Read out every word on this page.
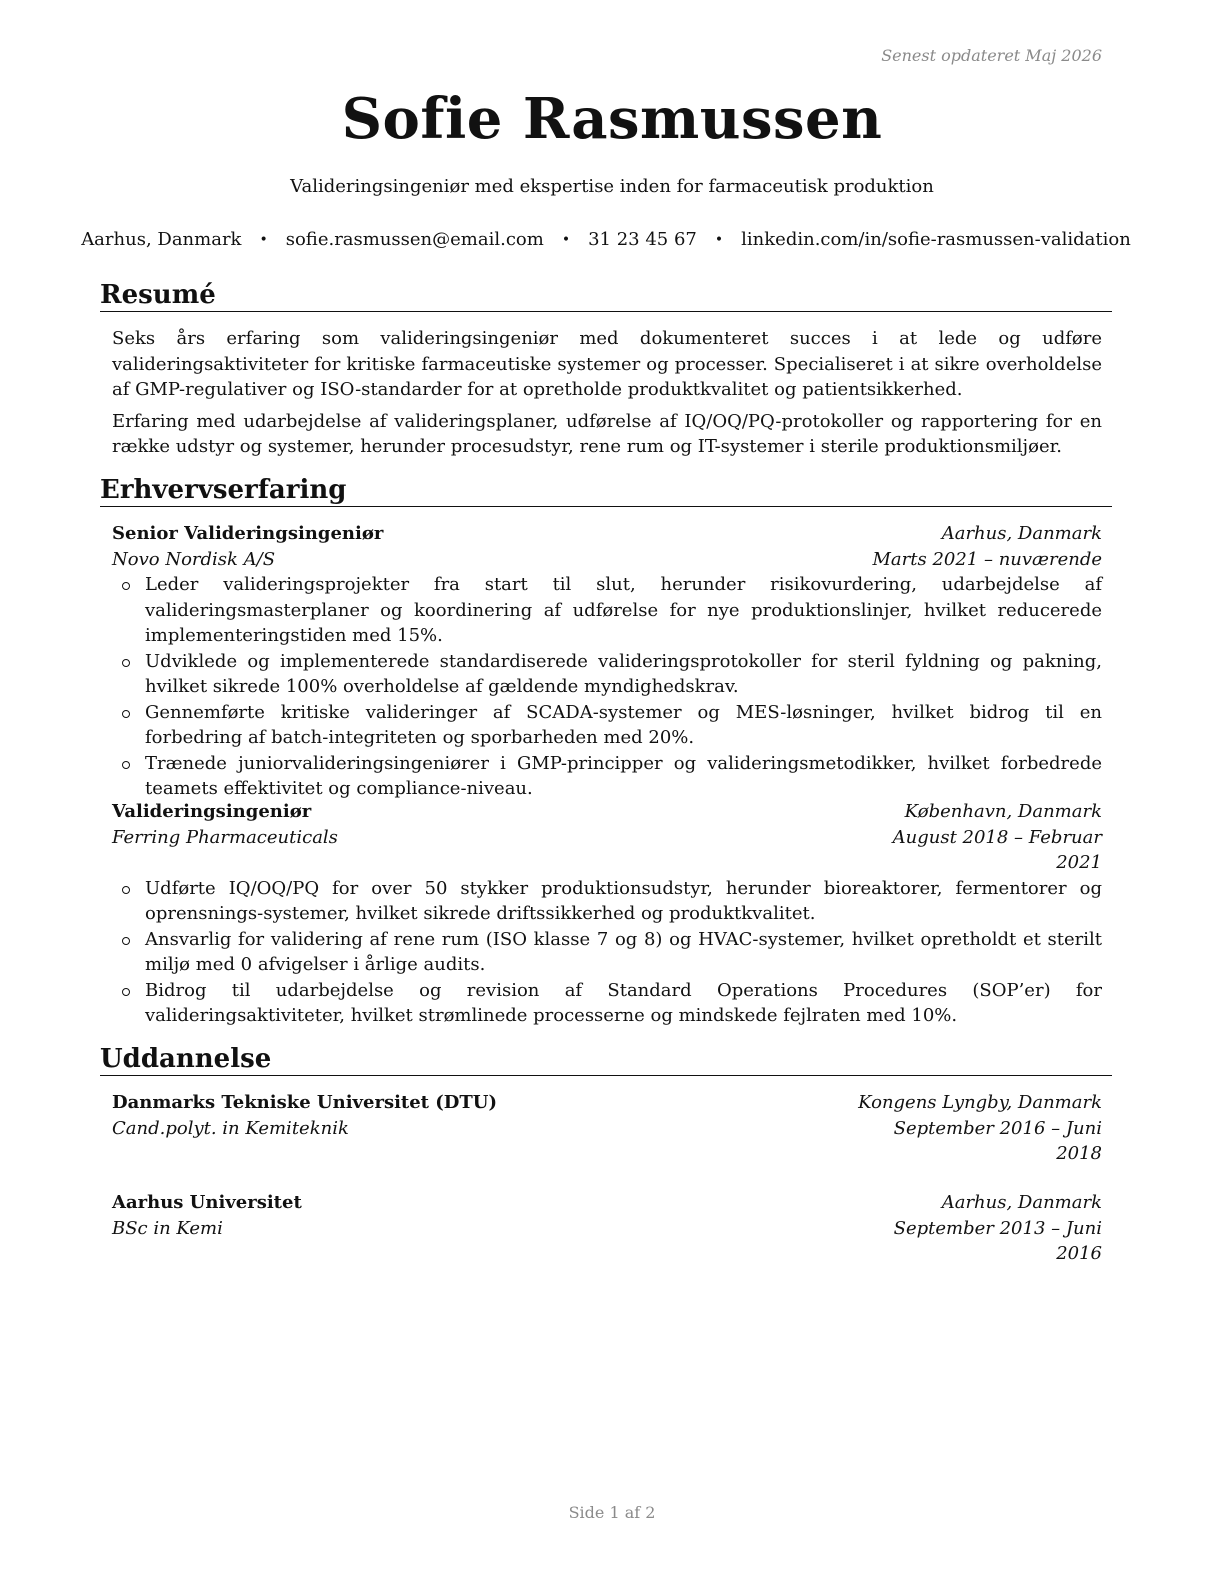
Senest opdateret Maj 2026
Sofie Rasmussen
Valideringsingeniør med ekspertise inden for farmaceutisk produktion
Aarhus, Danmark • sofie.rasmussen@email.com • 31 23 45 67 • linkedin.com/in/sofie-rasmussen-validation
Resumé

Seks års erfaring som valideringsingeniør med dokumenteret succes i at lede og udføre valideringsaktiviteter for kritiske farmaceutiske systemer og processer. Specialiseret i at sikre overholdelse af GMP-regulativer og ISO-standarder for at opretholde produktkvalitet og patientsikkerhed.

Erfaring med udarbejdelse af valideringsplaner, udførelse af IQ/OQ/PQ-protokoller og rapportering for en række udstyr og systemer, herunder procesudstyr, rene rum og IT-systemer i sterile produktionsmiljøer.

Erhvervserfaring
Senior Valideringsingeniør	Aarhus, Danmark
Novo Nordisk A/S	Marts 2021 – nuværende
Leder valideringsprojekter fra start til slut, herunder risikovurdering, udarbejdelse af valideringsmasterplaner og koordinering af udførelse for nye produktionslinjer, hvilket reducerede implementeringstiden med 15%.
Udviklede og implementerede standardiserede valideringsprotokoller for steril fyldning og pakning, hvilket sikrede 100% overholdelse af gældende myndighedskrav.
Gennemførte kritiske valideringer af SCADA-systemer og MES-løsninger, hvilket bidrog til en forbedring af batch-integriteten og sporbarheden med 20%.
Trænede juniorvalideringsingeniører i GMP-principper og valideringsmetodikker, hvilket forbedrede teamets effektivitet og compliance-niveau.
Valideringsingeniør	København, Danmark
Ferring Pharmaceuticals	August 2018 – Februar 2021
Udførte IQ/OQ/PQ for over 50 stykker produktionsudstyr, herunder bioreaktorer, fermentorer og oprensnings-systemer, hvilket sikrede driftssikkerhed og produktkvalitet.
Ansvarlig for validering af rene rum (ISO klasse 7 og 8) og HVAC-systemer, hvilket opretholdt et sterilt miljø med 0 afvigelser i årlige audits.
Bidrog til udarbejdelse og revision af Standard Operations Procedures (SOP’er) for valideringsaktiviteter, hvilket strømlinede processerne og mindskede fejlraten med 10%.
Uddannelse
Danmarks Tekniske Universitet (DTU)	Kongens Lyngby, Danmark
Cand.polyt. in Kemiteknik	September 2016 – Juni 2018
Aarhus Universitet	Aarhus, Danmark
BSc in Kemi	September 2013 – Juni 2016
Side 1 af 2
